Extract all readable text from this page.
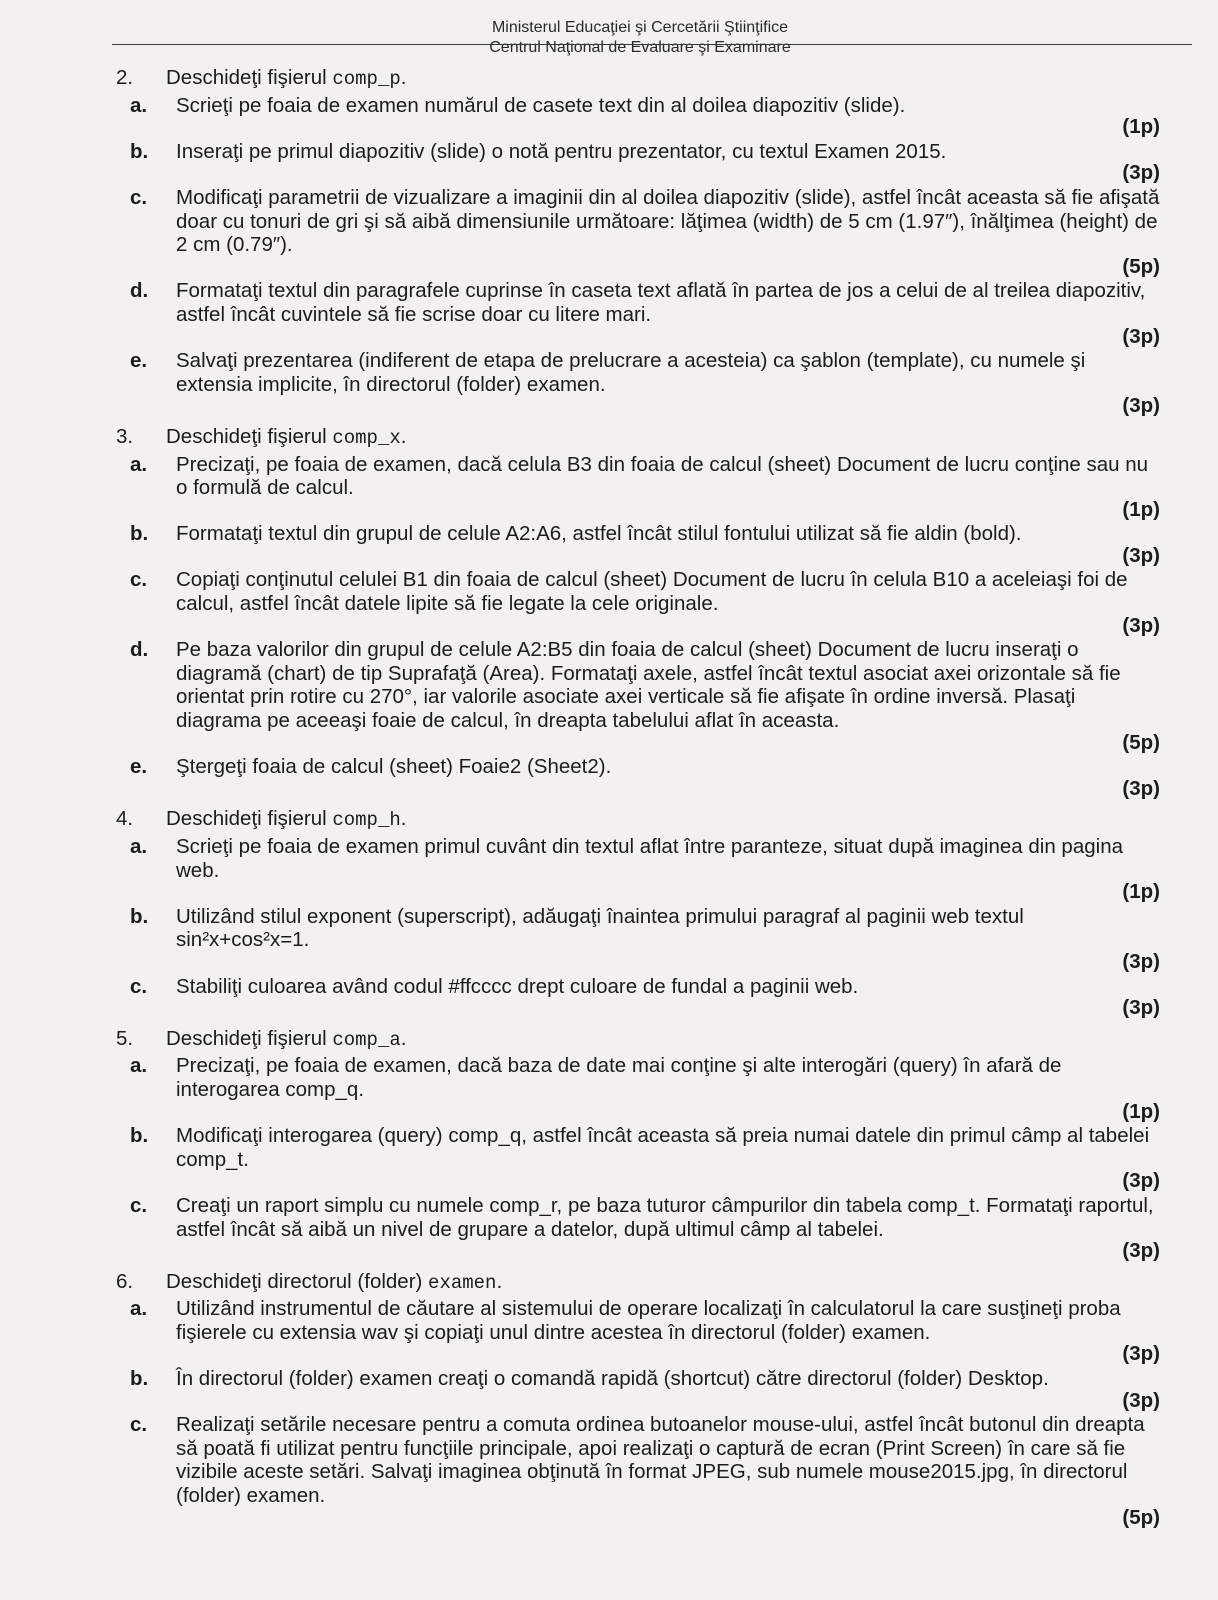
Ministerul Educaţiei şi Cercetării Ştiinţifice
Centrul Naţional de Evaluare şi Examinare
2. Deschideţi fişierul comp_p.
a. Scrieţi pe foaia de examen numărul de casete text din al doilea diapozitiv (slide).
(1p)
b. Inseraţi pe primul diapozitiv (slide) o notă pentru prezentator, cu textul Examen 2015.
(3p)
c. Modificaţi parametrii de vizualizare a imaginii din al doilea diapozitiv (slide), astfel încât aceasta să fie afişată doar cu tonuri de gri şi să aibă dimensiunile următoare: lăţimea (width) de 5 cm (1.97″), înălţimea (height) de 2 cm (0.79″).
(5p)
d. Formataţi textul din paragrafele cuprinse în caseta text aflată în partea de jos a celui de al treilea diapozitiv, astfel încât cuvintele să fie scrise doar cu litere mari.
(3p)
e. Salvaţi prezentarea (indiferent de etapa de prelucrare a acesteia) ca şablon (template), cu numele şi extensia implicite, în directorul (folder) examen.
(3p)
3. Deschideţi fişierul comp_x.
a. Precizaţi, pe foaia de examen, dacă celula B3 din foaia de calcul (sheet) Document de lucru conţine sau nu o formulă de calcul.
(1p)
b. Formataţi textul din grupul de celule A2:A6, astfel încât stilul fontului utilizat să fie aldin (bold).
(3p)
c. Copiaţi conţinutul celulei B1 din foaia de calcul (sheet) Document de lucru în celula B10 a aceleiaşi foi de calcul, astfel încât datele lipite să fie legate la cele originale.
(3p)
d. Pe baza valorilor din grupul de celule A2:B5 din foaia de calcul (sheet) Document de lucru inseraţi o diagramă (chart) de tip Suprafaţă (Area). Formataţi axele, astfel încât textul asociat axei orizontale să fie orientat prin rotire cu 270°, iar valorile asociate axei verticale să fie afişate în ordine inversă. Plasaţi diagrama pe aceeaşi foaie de calcul, în dreapta tabelului aflat în aceasta.
(5p)
e. Ştergeţi foaia de calcul (sheet) Foaie2 (Sheet2).
(3p)
4. Deschideţi fişierul comp_h.
a. Scrieţi pe foaia de examen primul cuvânt din textul aflat între paranteze, situat după imaginea din pagina web.
(1p)
b. Utilizând stilul exponent (superscript), adăugaţi înaintea primului paragraf al paginii web textul sin²x+cos²x=1.
(3p)
c. Stabiliţi culoarea având codul #ffcccc drept culoare de fundal a paginii web.
(3p)
5. Deschideţi fişierul comp_a.
a. Precizaţi, pe foaia de examen, dacă baza de date mai conţine şi alte interogări (query) în afară de interogarea comp_q.
(1p)
b. Modificaţi interogarea (query) comp_q, astfel încât aceasta să preia numai datele din primul câmp al tabelei comp_t.
(3p)
c. Creaţi un raport simplu cu numele comp_r, pe baza tuturor câmpurilor din tabela comp_t. Formataţi raportul, astfel încât să aibă un nivel de grupare a datelor, după ultimul câmp al tabelei.
(3p)
6. Deschideţi directorul (folder) examen.
a. Utilizând instrumentul de căutare al sistemului de operare localizaţi în calculatorul la care susţineţi proba fişierele cu extensia wav şi copiaţi unul dintre acestea în directorul (folder) examen.
(3p)
b. În directorul (folder) examen creaţi o comandă rapidă (shortcut) către directorul (folder) Desktop.
(3p)
c. Realizaţi setările necesare pentru a comuta ordinea butoanelor mouse-ului, astfel încât butonul din dreapta să poată fi utilizat pentru funcţiile principale, apoi realizaţi o captură de ecran (Print Screen) în care să fie vizibile aceste setări. Salvaţi imaginea obţinută în format JPEG, sub numele mouse2015.jpg, în directorul (folder) examen.
(5p)
